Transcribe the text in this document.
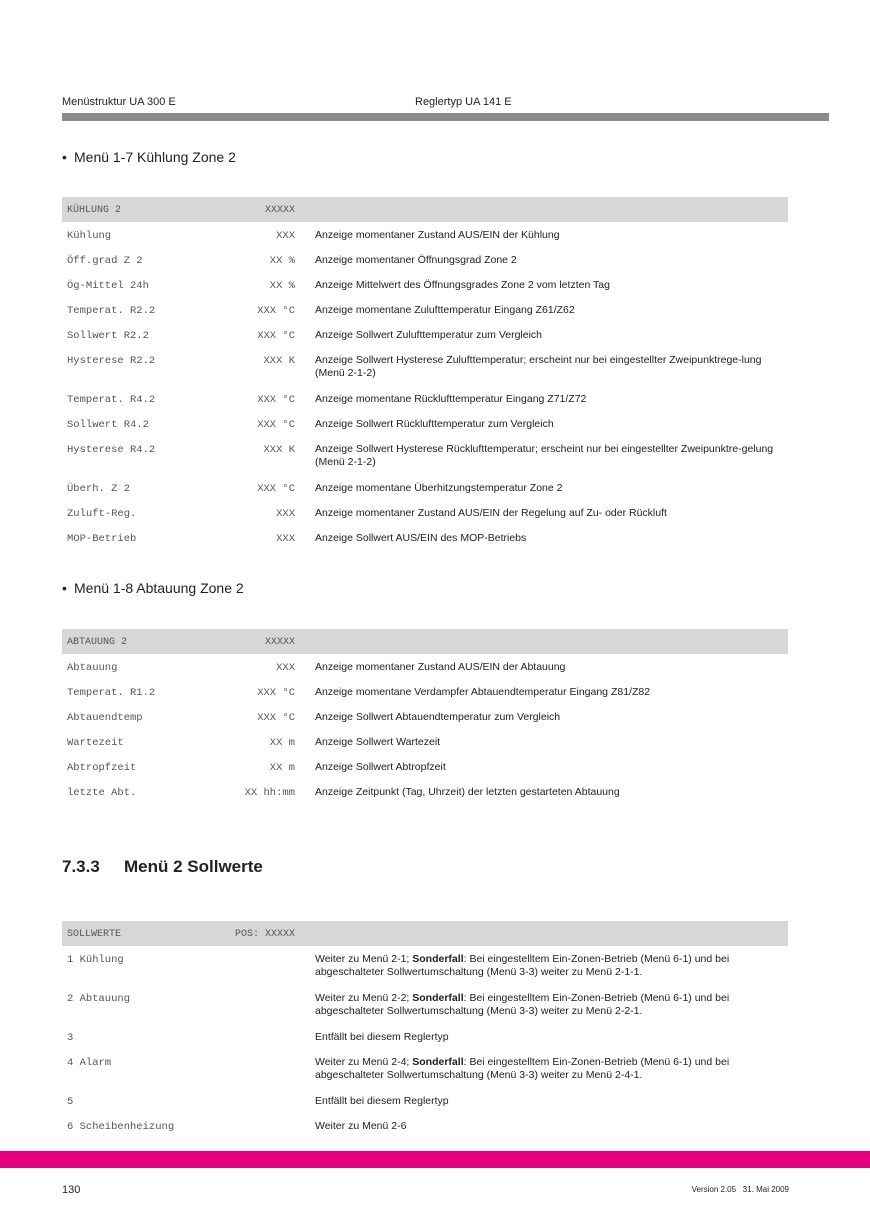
Menüstruktur UA 300 E	Reglertyp UA 141 E
• Menü 1-7 Kühlung Zone 2
KÜHLUNG 2	XXXXX
Kühlung	XXX Anzeige momentaner Zustand AUS/EIN der Kühlung
Öff.grad Z 2	XX % Anzeige momentaner Öffnungsgrad Zone 2
Ög-Mittel 24h	XX % Anzeige Mittelwert des Öffnungsgrades Zone 2 vom letzten Tag
Temperat. R2.2	XXX °C Anzeige momentane Zulufttemperatur Eingang Z61/Z62
Sollwert R2.2	XXX °C Anzeige Sollwert Zulufttemperatur zum Vergleich
Hysterese R2.2	XXX K Anzeige Sollwert Hysterese Zulufttemperatur; erscheint nur bei eingestellter Zweipunktrege-lung (Menü 2-1-2)
Temperat. R4.2	XXX °C Anzeige momentane Rücklufttemperatur Eingang Z71/Z72
Sollwert R4.2	XXX °C Anzeige Sollwert Rücklufttemperatur zum Vergleich
Hysterese R4.2	XXX K Anzeige Sollwert Hysterese Rücklufttemperatur; erscheint nur bei eingestellter Zweipunktre-gelung (Menü 2-1-2)
Überh. Z 2	XXX °C Anzeige momentane Überhitzungstemperatur Zone 2
Zuluft-Reg.	XXX Anzeige momentaner Zustand AUS/EIN der Regelung auf Zu- oder Rückluft
MOP-Betrieb	XXX Anzeige Sollwert AUS/EIN des MOP-Betriebs
• Menü 1-8 Abtauung Zone 2
ABTAUUNG 2	XXXXX
Abtauung	XXX Anzeige momentaner Zustand AUS/EIN der Abtauung
Temperat. R1.2	XXX °C Anzeige momentane Verdampfer Abtauendtemperatur Eingang Z81/Z82
Abtauendtemp	XXX °C Anzeige Sollwert Abtauendtemperatur zum Vergleich
Wartezeit	XX m Anzeige Sollwert Wartezeit
Abtropfzeit	XX m Anzeige Sollwert Abtropfzeit
letzte Abt.	XX hh:mm Anzeige Zeitpunkt (Tag, Uhrzeit) der letzten gestarteten Abtauung
7.3.3 Menü 2 Sollwerte
SOLLWERTE	POS: XXXXX
1 Kühlung	Weiter zu Menü 2-1; Sonderfall: Bei eingestelltem Ein-Zonen-Betrieb (Menü 6-1) und bei abgeschalteter Sollwertumschaltung (Menü 3-3) weiter zu Menü 2-1-1.
2 Abtauung	Weiter zu Menü 2-2; Sonderfall: Bei eingestelltem Ein-Zonen-Betrieb (Menü 6-1) und bei abgeschalteter Sollwertumschaltung (Menü 3-3) weiter zu Menü 2-2-1.
3	Entfällt bei diesem Reglertyp
4 Alarm	Weiter zu Menü 2-4; Sonderfall: Bei eingestelltem Ein-Zonen-Betrieb (Menü 6-1) und bei abgeschalteter Sollwertumschaltung (Menü 3-3) weiter zu Menü 2-4-1.
5	Entfällt bei diesem Reglertyp
6 Scheibenheizung	Weiter zu Menü 2-6
130	Version 2.05   31. Mai 2009
